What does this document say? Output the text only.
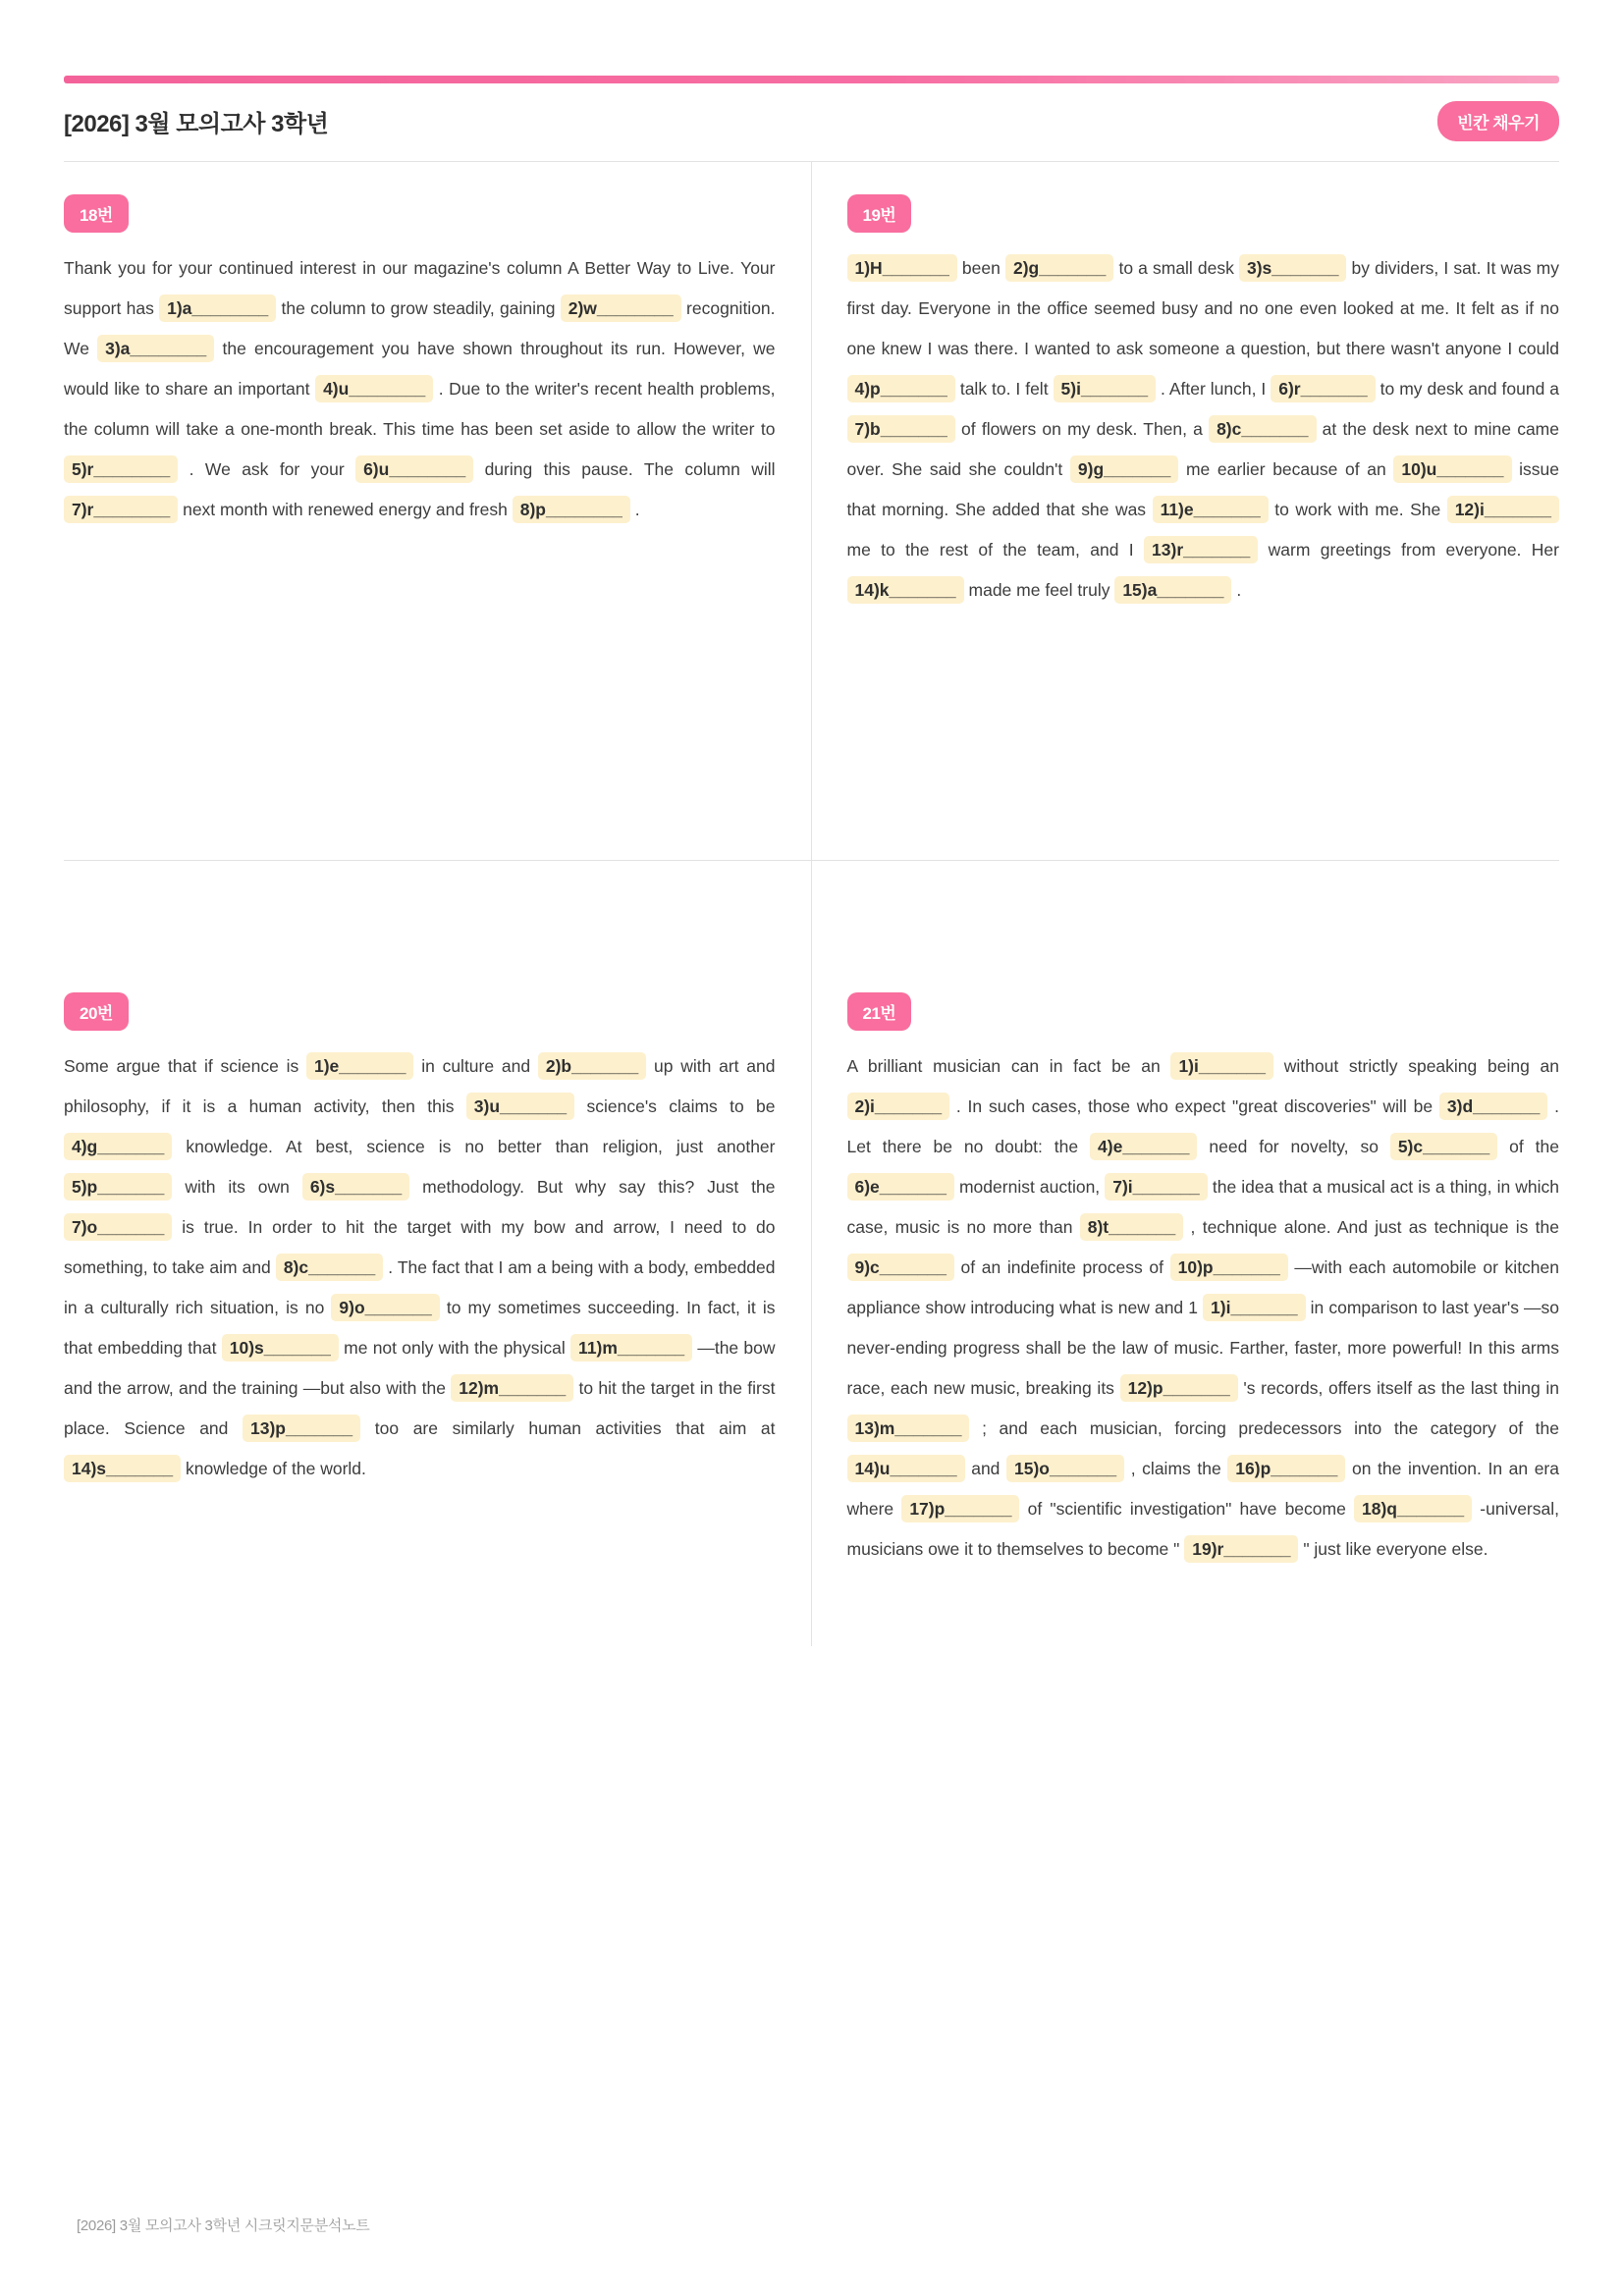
[2026] 3월 모의고사 3학년	빈칸 채우기
18번

Thank you for your continued interest in our magazine's column A Better Way to Live. Your support has 1)a________ the column to grow steadily, gaining 2)w________ recognition. We 3)a________ the encouragement you have shown throughout its run. However, we would like to share an important 4)u________ . Due to the writer's recent health problems, the column will take a one-month break. This time has been set aside to allow the writer to 5)r________ . We ask for your 6)u________ during this pause. The column will 7)r________ next month with renewed energy and fresh 8)p________ .

19번

1)H_______ been 2)g_______ to a small desk 3)s_______ by dividers, I sat. It was my first day. Everyone in the office seemed busy and no one even looked at me. It felt as if no one knew I was there. I wanted to ask someone a question, but there wasn't anyone I could 4)p_______ talk to. I felt 5)i_______ . After lunch, I 6)r_______ to my desk and found a 7)b_______ of flowers on my desk. Then, a 8)c_______ at the desk next to mine came over. She said she couldn't 9)g_______ me earlier because of an 10)u_______ issue that morning. She added that she was 11)e_______ to work with me. She 12)i_______ me to the rest of the team, and I 13)r_______ warm greetings from everyone. Her 14)k_______ made me feel truly 15)a_______ .

20번

Some argue that if science is 1)e_______ in culture and 2)b_______ up with art and philosophy, if it is a human activity, then this 3)u_______ science's claims to be 4)g_______ knowledge. At best, science is no better than religion, just another 5)p_______ with its own 6)s_______ methodology. But why say this? Just the 7)o_______ is true. In order to hit the target with my bow and arrow, I need to do something, to take aim and 8)c_______ . The fact that I am a being with a body, embedded in a culturally rich situation, is no 9)o_______ to my sometimes succeeding. In fact, it is that embedding that 10)s_______ me not only with the physical 11)m_______ —the bow and the arrow, and the training —but also with the 12)m_______ to hit the target in the first place. Science and 13)p_______ too are similarly human activities that aim at 14)s_______ knowledge of the world.

21번

A brilliant musician can in fact be an 1)i_______ without strictly speaking being an 2)i_______ . In such cases, those who expect "great discoveries" will be 3)d_______ . Let there be no doubt: the 4)e_______ need for novelty, so 5)c_______ of the 6)e_______ modernist auction, 7)i_______ the idea that a musical act is a thing, in which case, music is no more than 8)t_______ , technique alone. And just as technique is the 9)c_______ of an indefinite process of 10)p_______ —with each automobile or kitchen appliance show introducing what is new and 1 1)i_______ in comparison to last year's —so never-ending progress shall be the law of music. Farther, faster, more powerful! In this arms race, each new music, breaking its 12)p_______ 's records, offers itself as the last thing in 13)m_______ ; and each musician, forcing predecessors into the category of the 14)u_______ and 15)o_______ , claims the 16)p_______ on the invention. In an era where 17)p_______ of "scientific investigation" have become 18)q_______ -universal, musicians owe it to themselves to become " 19)r_______ " just like everyone else.

[2026] 3월 모의고사 3학년 시크릿지문분석노트
